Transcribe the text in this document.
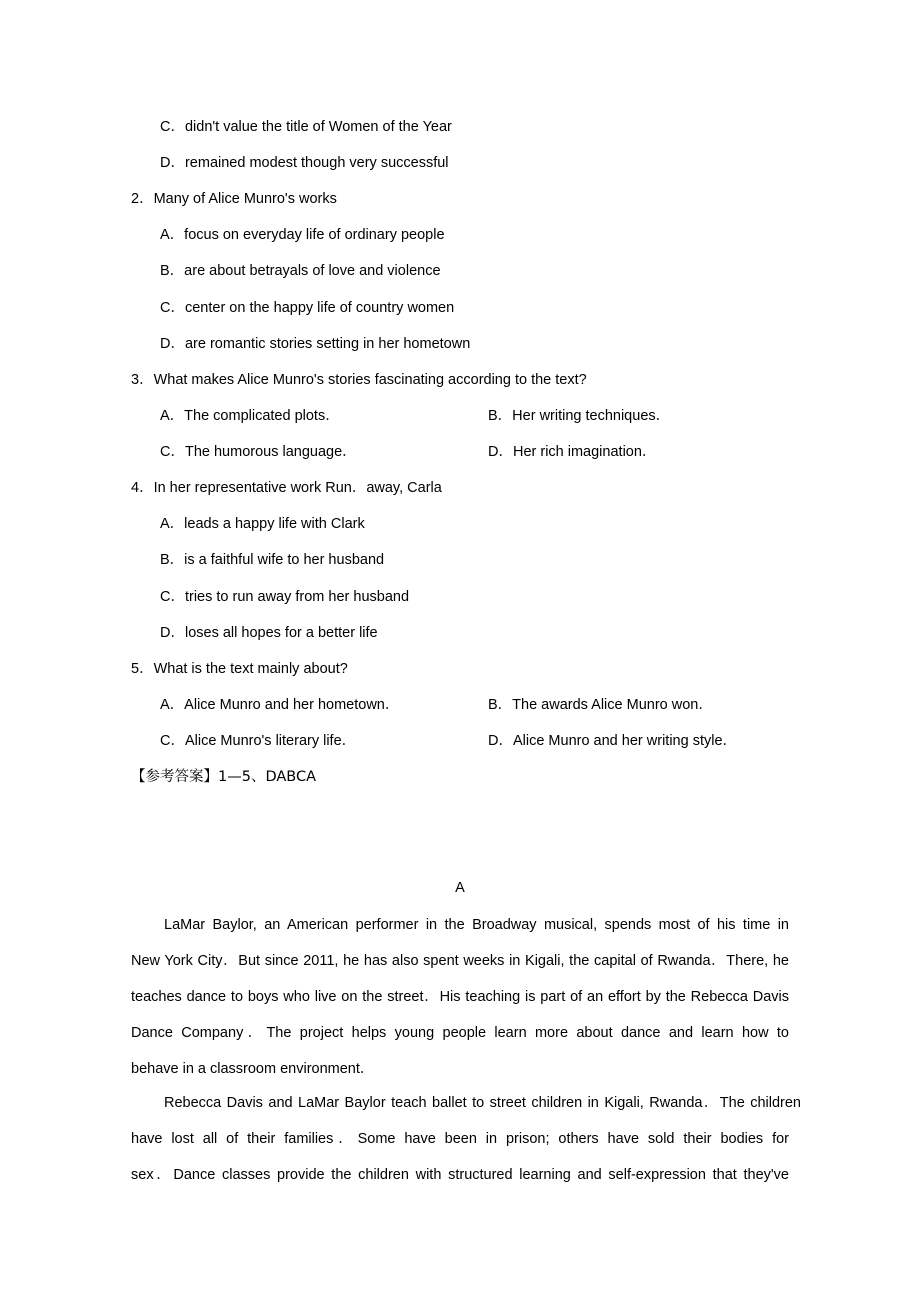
C．didn't value the title of Women of the Year
D．remained modest though very successful
2．Many of Alice Munro's works
A．focus on everyday life of ordinary people
B．are about betrayals of love and violence
C．center on the happy life of country women
D．are romantic stories setting in her hometown
3．What makes Alice Munro's stories fascinating according to the text?
A．The complicated plots．	B．Her writing techniques．
C．The humorous language．	D．Her rich imagination．
4．In her representative work Run．away, Carla
A．leads a happy life with Clark
B．is a faithful wife to her husband
C．tries to run away from her husband
D．loses all hopes for a better life
5．What is the text mainly about?
A．Alice Munro and her hometown．	B．The awards Alice Munro won．
C．Alice Munro's literary life．	D．Alice Munro and her writing style．
【参考答案】1—5、DABCA
A
LaMar Baylor, an American performer in the Broadway musical, spends most of his time in
New York City．But since 2011, he has also spent weeks in Kigali, the capital of Rwanda．There, he
teaches dance to boys who live on the street．His teaching is part of an effort by the Rebecca Davis
Dance Company．The project helps young people learn more about dance and learn how to
behave in a classroom environment．
Rebecca Davis and LaMar Baylor teach ballet to street children in Kigali, Rwanda．The children
have lost all of their families．Some have been in prison; others have sold their bodies for
sex．Dance classes provide the children with structured learning and self-expression that they've
